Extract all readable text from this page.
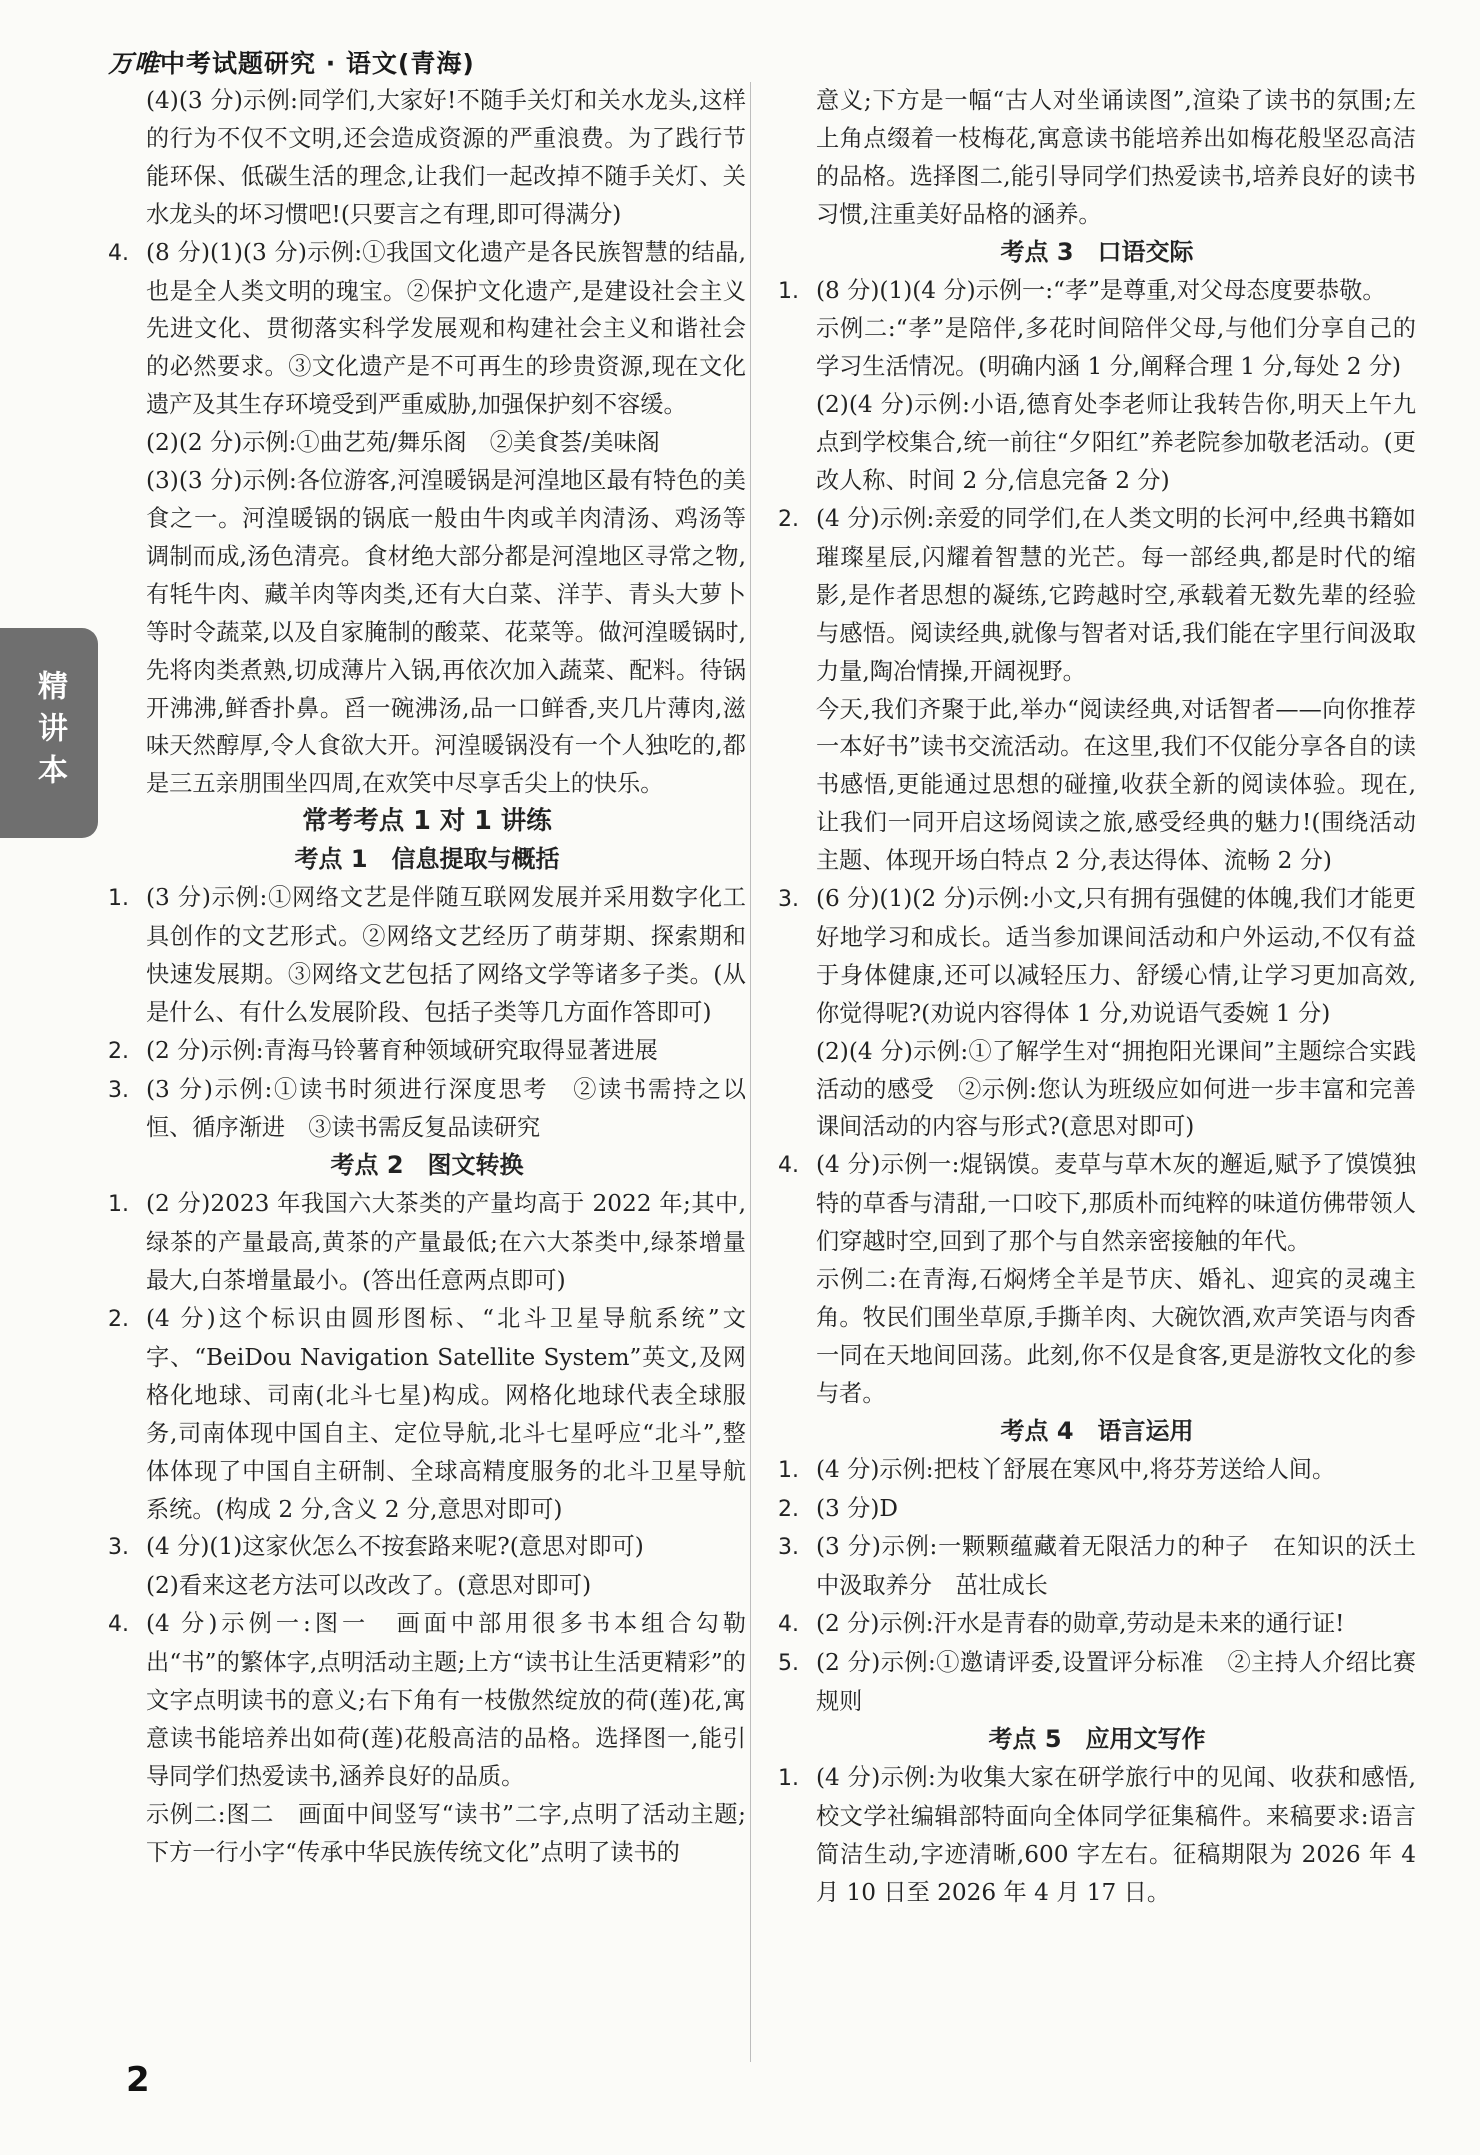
万唯中考试题研究 · 语文(青海)
精讲本

(4)(3 分)示例:同学们,大家好!不随手关灯和关水龙头,这样的行为不仅不文明,还会造成资源的严重浪费。为了践行节能环保、低碳生活的理念,让我们一起改掉不随手关灯、关水龙头的坏习惯吧!(只要言之有理,即可得满分)

4. (8 分)(1)(3 分)示例:①我国文化遗产是各民族智慧的结晶,也是全人类文明的瑰宝。②保护文化遗产,是建设社会主义先进文化、贯彻落实科学发展观和构建社会主义和谐社会的必然要求。③文化遗产是不可再生的珍贵资源,现在文化遗产及其生存环境受到严重威胁,加强保护刻不容缓。

(2)(2 分)示例:①曲艺苑/舞乐阁　②美食荟/美味阁

(3)(3 分)示例:各位游客,河湟暖锅是河湟地区最有特色的美食之一。河湟暖锅的锅底一般由牛肉或羊肉清汤、鸡汤等调制而成,汤色清亮。食材绝大部分都是河湟地区寻常之物,有牦牛肉、藏羊肉等肉类,还有大白菜、洋芋、青头大萝卜等时令蔬菜,以及自家腌制的酸菜、花菜等。做河湟暖锅时,先将肉类煮熟,切成薄片入锅,再依次加入蔬菜、配料。待锅开沸沸,鲜香扑鼻。舀一碗沸汤,品一口鲜香,夹几片薄肉,滋味天然醇厚,令人食欲大开。河湟暖锅没有一个人独吃的,都是三五亲朋围坐四周,在欢笑中尽享舌尖上的快乐。

常考考点 1 对 1 讲练

考点 1　信息提取与概括

1. (3 分)示例:①网络文艺是伴随互联网发展并采用数字化工具创作的文艺形式。②网络文艺经历了萌芽期、探索期和快速发展期。③网络文艺包括了网络文学等诸多子类。(从是什么、有什么发展阶段、包括子类等几方面作答即可)

2. (2 分)示例:青海马铃薯育种领域研究取得显著进展

3. (3 分)示例:①读书时须进行深度思考　②读书需持之以恒、循序渐进　③读书需反复品读研究

考点 2　图文转换

1. (2 分)2023 年我国六大茶类的产量均高于 2022 年;其中,绿茶的产量最高,黄茶的产量最低;在六大茶类中,绿茶增量最大,白茶增量最小。(答出任意两点即可)

2. (4 分)这个标识由圆形图标、“北斗卫星导航系统”文字、“BeiDou Navigation Satellite System”英文,及网格化地球、司南(北斗七星)构成。网格化地球代表全球服务,司南体现中国自主、定位导航,北斗七星呼应“北斗”,整体体现了中国自主研制、全球高精度服务的北斗卫星导航系统。(构成 2 分,含义 2 分,意思对即可)

3. (4 分)(1)这家伙怎么不按套路来呢?(意思对即可)

(2)看来这老方法可以改改了。(意思对即可)

4. (4 分)示例一:图一　画面中部用很多书本组合勾勒出“书”的繁体字,点明活动主题;上方“读书让生活更精彩”的文字点明读书的意义;右下角有一枝傲然绽放的荷(莲)花,寓意读书能培养出如荷(莲)花般高洁的品格。选择图一,能引导同学们热爱读书,涵养良好的品质。

示例二:图二　画面中间竖写“读书”二字,点明了活动主题;下方一行小字“传承中华民族传统文化”点明了读书的

意义;下方是一幅“古人对坐诵读图”,渲染了读书的氛围;左上角点缀着一枝梅花,寓意读书能培养出如梅花般坚忍高洁的品格。选择图二,能引导同学们热爱读书,培养良好的读书习惯,注重美好品格的涵养。

考点 3　口语交际

1. (8 分)(1)(4 分)示例一:“孝”是尊重,对父母态度要恭敬。

示例二:“孝”是陪伴,多花时间陪伴父母,与他们分享自己的学习生活情况。(明确内涵 1 分,阐释合理 1 分,每处 2 分)

(2)(4 分)示例:小语,德育处李老师让我转告你,明天上午九点到学校集合,统一前往“夕阳红”养老院参加敬老活动。(更改人称、时间 2 分,信息完备 2 分)

2. (4 分)示例:亲爱的同学们,在人类文明的长河中,经典书籍如璀璨星辰,闪耀着智慧的光芒。每一部经典,都是时代的缩影,是作者思想的凝练,它跨越时空,承载着无数先辈的经验与感悟。阅读经典,就像与智者对话,我们能在字里行间汲取力量,陶冶情操,开阔视野。

今天,我们齐聚于此,举办“阅读经典,对话智者——向你推荐一本好书”读书交流活动。在这里,我们不仅能分享各自的读书感悟,更能通过思想的碰撞,收获全新的阅读体验。现在,让我们一同开启这场阅读之旅,感受经典的魅力!(围绕活动主题、体现开场白特点 2 分,表达得体、流畅 2 分)

3. (6 分)(1)(2 分)示例:小文,只有拥有强健的体魄,我们才能更好地学习和成长。适当参加课间活动和户外运动,不仅有益于身体健康,还可以减轻压力、舒缓心情,让学习更加高效,你觉得呢?(劝说内容得体 1 分,劝说语气委婉 1 分)

(2)(4 分)示例:①了解学生对“拥抱阳光课间”主题综合实践活动的感受　②示例:您认为班级应如何进一步丰富和完善课间活动的内容与形式?(意思对即可)

4. (4 分)示例一:焜锅馍。麦草与草木灰的邂逅,赋予了馍馍独特的草香与清甜,一口咬下,那质朴而纯粹的味道仿佛带领人们穿越时空,回到了那个与自然亲密接触的年代。

示例二:在青海,石焖烤全羊是节庆、婚礼、迎宾的灵魂主角。牧民们围坐草原,手撕羊肉、大碗饮酒,欢声笑语与肉香一同在天地间回荡。此刻,你不仅是食客,更是游牧文化的参与者。

考点 4　语言运用

1. (4 分)示例:把枝丫舒展在寒风中,将芬芳送给人间。

2. (3 分)D

3. (3 分)示例:一颗颗蕴藏着无限活力的种子　在知识的沃土中汲取养分　茁壮成长

4. (2 分)示例:汗水是青春的勋章,劳动是未来的通行证!

5. (2 分)示例:①邀请评委,设置评分标准　②主持人介绍比赛规则

考点 5　应用文写作

1. (4 分)示例:为收集大家在研学旅行中的见闻、收获和感悟,校文学社编辑部特面向全体同学征集稿件。来稿要求:语言简洁生动,字迹清晰,600 字左右。征稿期限为 2026 年 4 月 10 日至 2026 年 4 月 17 日。

2
